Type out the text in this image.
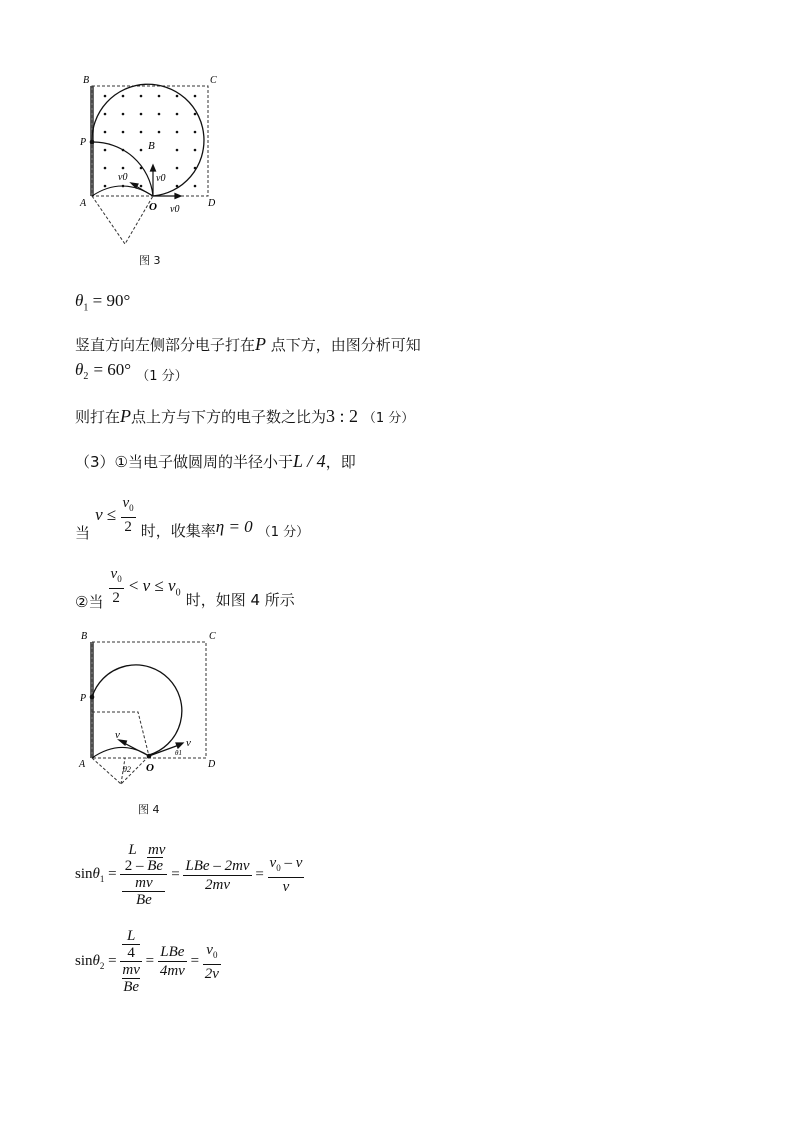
B	C
P	B
A	O	D
v0	v0
v0
图 3
$\theta_1 = 90^\circ$
竖直方向左侧部分电子打在P 点下方，由图分析可知
$\theta_2 = 60^\circ$ $_{(1 分)}$
则打在P点上方与下方的电子数之比为3 : 2 （1 分）
（3）①当电子做圆周的半径小于L / 4，即
当 $v \le \frac{v_0}{2}$ 时，收集率η = 0 $_{(1 分)}$
②当 $\frac{v_0}{2} < v \le v_0$ 时，如图 4 所示
B	C
P
A	O	D
v
v
θ2
θ1
图 4
sinθ$_1$ = L mv
2 – Be
mv
$Be = \frac{\text{LBe – 2mv}}{2mv} = \frac{v_0 - v}{v}$
sinθ$_2$ = L
4
mv
$Be = \frac{\text{LBe}}{4mv} = \frac{v_0}{2v}$
